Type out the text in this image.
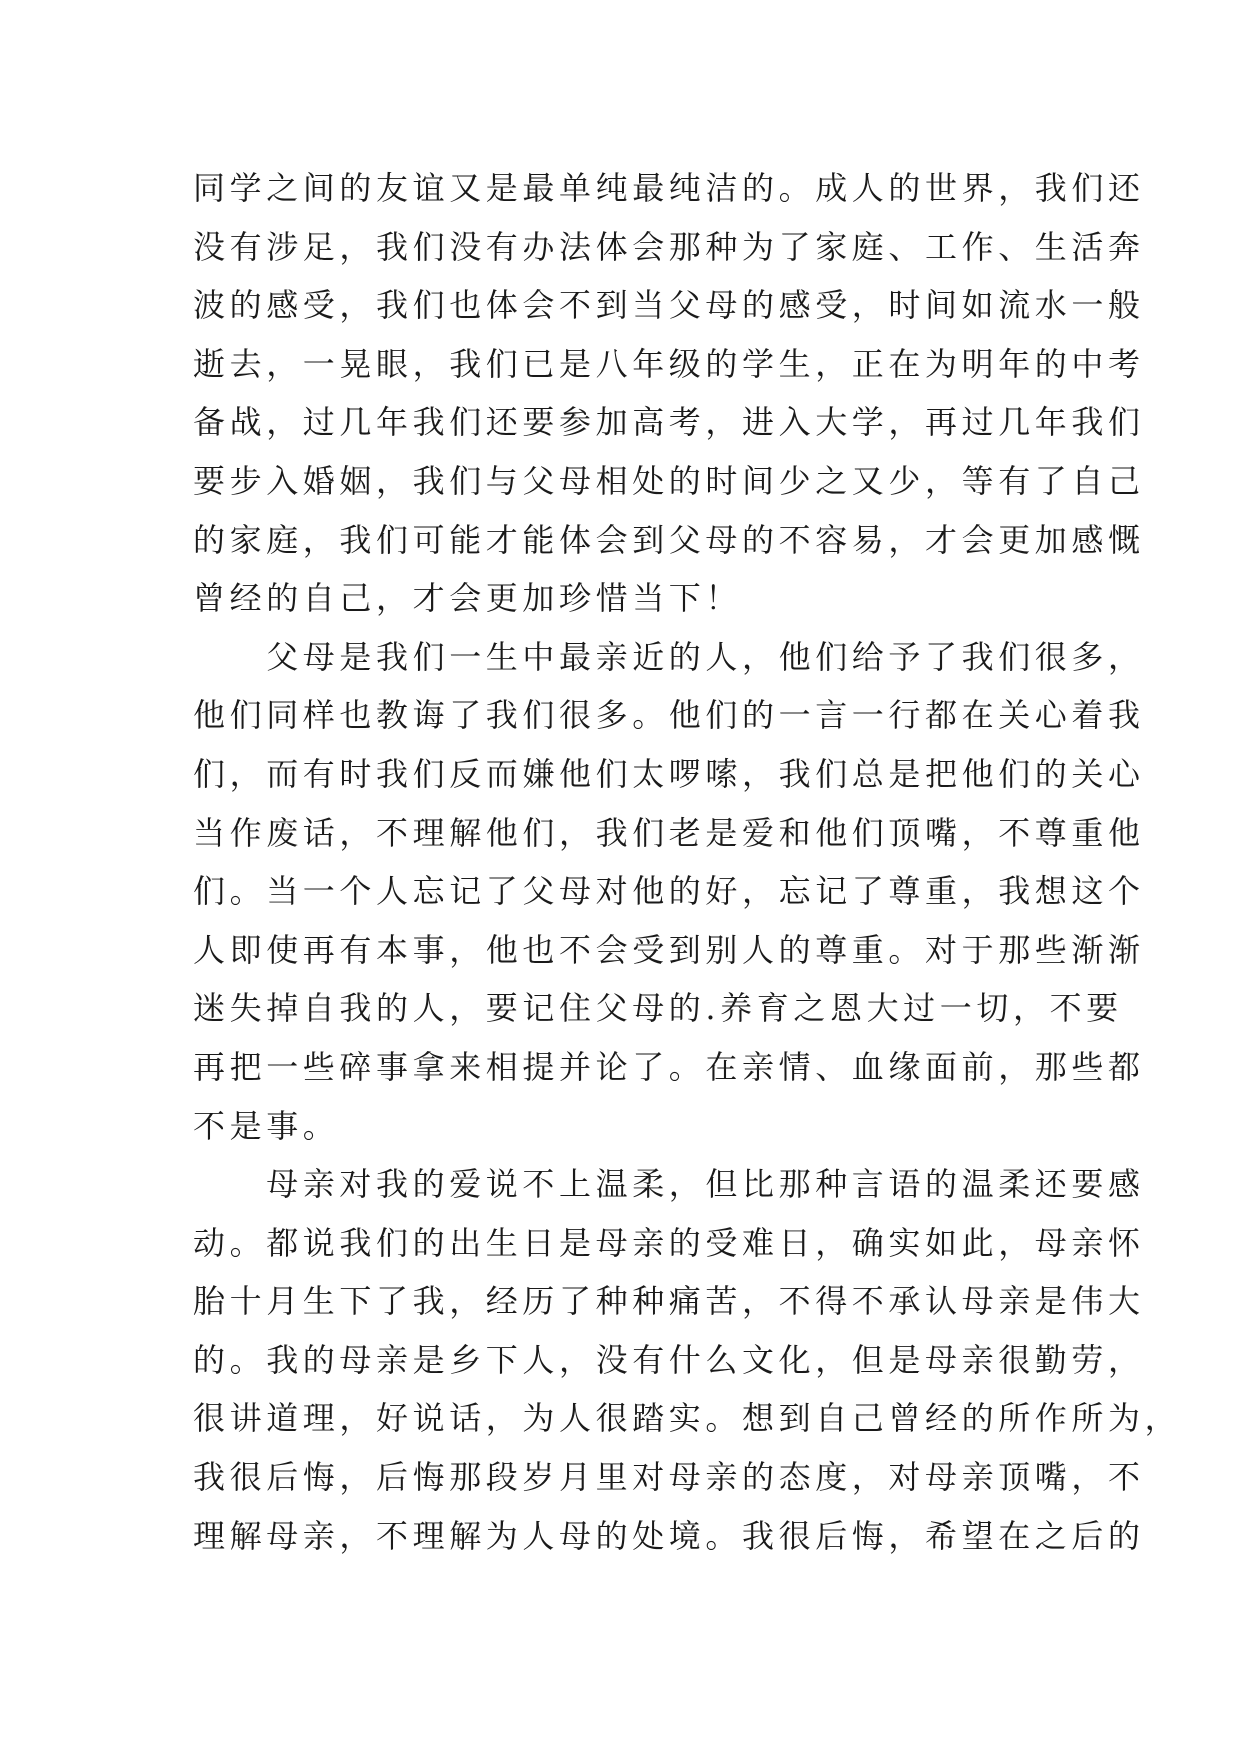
同学之间的友谊又是最单纯最纯洁的。成人的世界，我们还
没有涉足，我们没有办法体会那种为了家庭、工作、生活奔
波的感受，我们也体会不到当父母的感受，时间如流水一般
逝去，一晃眼，我们已是八年级的学生，正在为明年的中考
备战，过几年我们还要参加高考，进入大学，再过几年我们
要步入婚姻，我们与父母相处的时间少之又少，等有了自己
的家庭，我们可能才能体会到父母的不容易，才会更加感慨
曾经的自己，才会更加珍惜当下！
　　父母是我们一生中最亲近的人，他们给予了我们很多，
他们同样也教诲了我们很多。他们的一言一行都在关心着我
们，而有时我们反而嫌他们太啰嗦，我们总是把他们的关心
当作废话，不理解他们，我们老是爱和他们顶嘴，不尊重他
们。当一个人忘记了父母对他的好，忘记了尊重，我想这个
人即使再有本事，他也不会受到别人的尊重。对于那些渐渐
迷失掉自我的人，要记住父母的.养育之恩大过一切，不要
再把一些碎事拿来相提并论了。在亲情、血缘面前，那些都
不是事。
　　母亲对我的爱说不上温柔，但比那种言语的温柔还要感
动。都说我们的出生日是母亲的受难日，确实如此，母亲怀
胎十月生下了我，经历了种种痛苦，不得不承认母亲是伟大
的。我的母亲是乡下人，没有什么文化，但是母亲很勤劳，
很讲道理，好说话，为人很踏实。想到自己曾经的所作所为，
我很后悔，后悔那段岁月里对母亲的态度，对母亲顶嘴，不
理解母亲，不理解为人母的处境。我很后悔，希望在之后的
